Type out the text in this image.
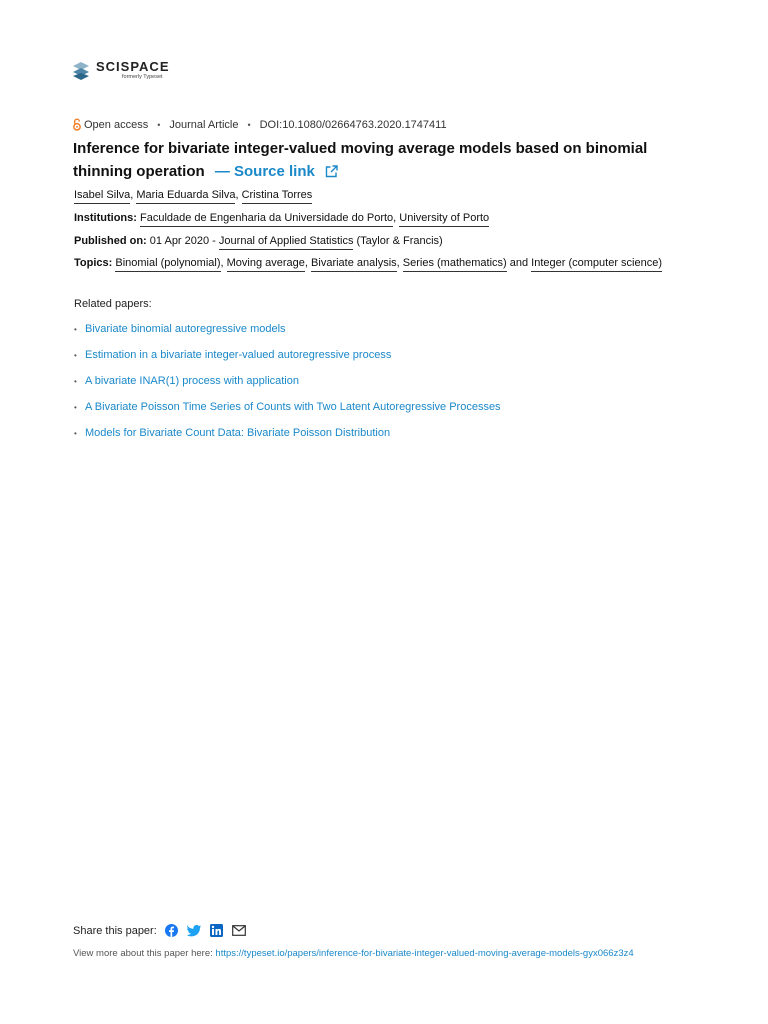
SCISPACE
formerly Typeset
Open access • Journal Article • DOI:10.1080/02664763.2020.1747411
Inference for bivariate integer-valued moving average models based on binomial thinning operation — Source link
Isabel Silva, Maria Eduarda Silva, Cristina Torres
Institutions: Faculdade de Engenharia da Universidade do Porto, University of Porto
Published on: 01 Apr 2020 - Journal of Applied Statistics (Taylor & Francis)
Topics: Binomial (polynomial), Moving average, Bivariate analysis, Series (mathematics) and Integer (computer science)
Related papers:
• Bivariate binomial autoregressive models
• Estimation in a bivariate integer-valued autoregressive process
• A bivariate INAR(1) process with application
• A Bivariate Poisson Time Series of Counts with Two Latent Autoregressive Processes
• Models for Bivariate Count Data: Bivariate Poisson Distribution
Share this paper:
View more about this paper here: https://typeset.io/papers/inference-for-bivariate-integer-valued-moving-average-models-gyx066z3z4
